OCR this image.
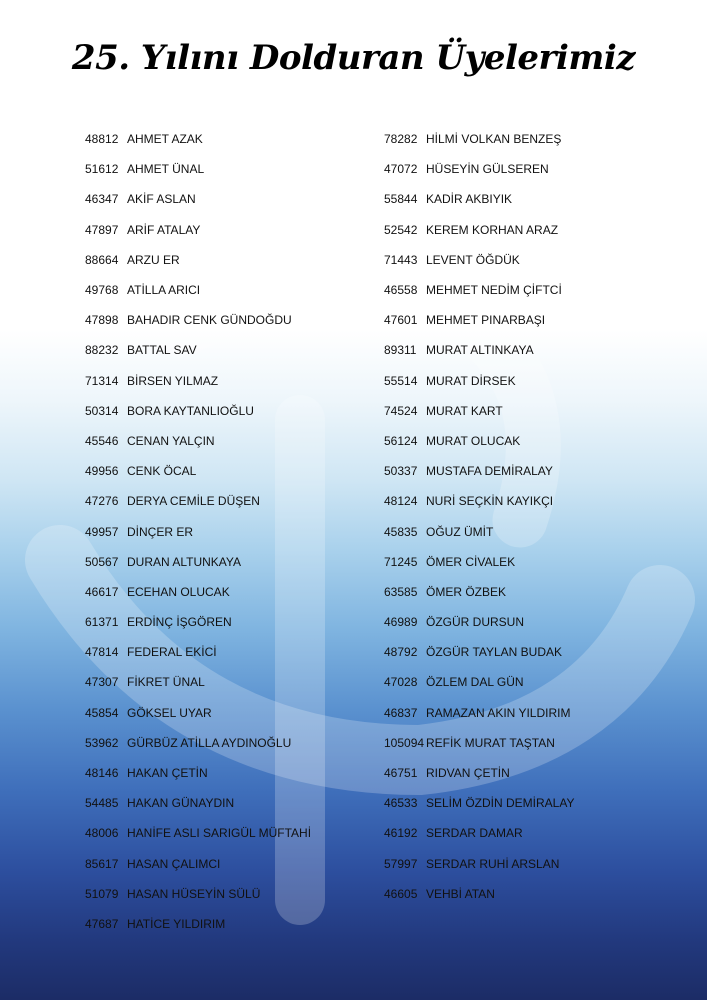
25. Yılını Dolduran Üyelerimiz
48812 AHMET AZAK
51612 AHMET ÜNAL
46347 AKİF ASLAN
47897 ARİF ATALAY
88664 ARZU ER
49768 ATİLLA ARICI
47898 BAHADIR CENK GÜNDOĞDU
88232 BATTAL SAV
71314 BİRSEN YILMAZ
50314 BORA KAYTANLIOĞLU
45546 CENAN YALÇIN
49956 CENK ÖCAL
47276 DERYA CEMİLE DÜŞEN
49957 DİNÇER ER
50567 DURAN ALTUNKAYA
46617 ECEHAN OLUCAK
61371 ERDİNÇ İŞGÖREN
47814 FEDERAL EKİCİ
47307 FİKRET ÜNAL
45854 GÖKSEL UYAR
53962 GÜRBÜZ ATİLLA AYDINOĞLU
48146 HAKAN ÇETİN
54485 HAKAN GÜNAYDIN
48006 HANİFE ASLI SARIGÜL MÜFTAHİ
85617 HASAN ÇALIMCI
51079 HASAN HÜSEYİN SÜLÜ
47687 HATİCE YILDIRIM
78282 HİLMİ VOLKAN BENZEŞ
47072 HÜSEYİN GÜLSEREN
55844 KADİR AKBIYIK
52542 KEREM KORHAN ARAZ
71443 LEVENT ÖĞDÜK
46558 MEHMET NEDİM ÇİFTCİ
47601 MEHMET PINARBAŞI
89311 MURAT ALTINKAYA
55514 MURAT DİRSEK
74524 MURAT KART
56124 MURAT OLUCAK
50337 MUSTAFA DEMİRALAY
48124 NURİ SEÇKİN KAYIKÇI
45835 OĞUZ ÜMİT
71245 ÖMER CİVALEK
63585 ÖMER ÖZBEK
46989 ÖZGÜR DURSUN
48792 ÖZGÜR TAYLAN BUDAK
47028 ÖZLEM DAL GÜN
46837 RAMAZAN AKIN YILDIRIM
105094 REFİK MURAT TAŞTAN
46751 RIDVAN ÇETİN
46533 SELİM ÖZDİN DEMİRALAY
46192 SERDAR DAMAR
57997 SERDAR RUHİ ARSLAN
46605 VEHBİ ATAN
